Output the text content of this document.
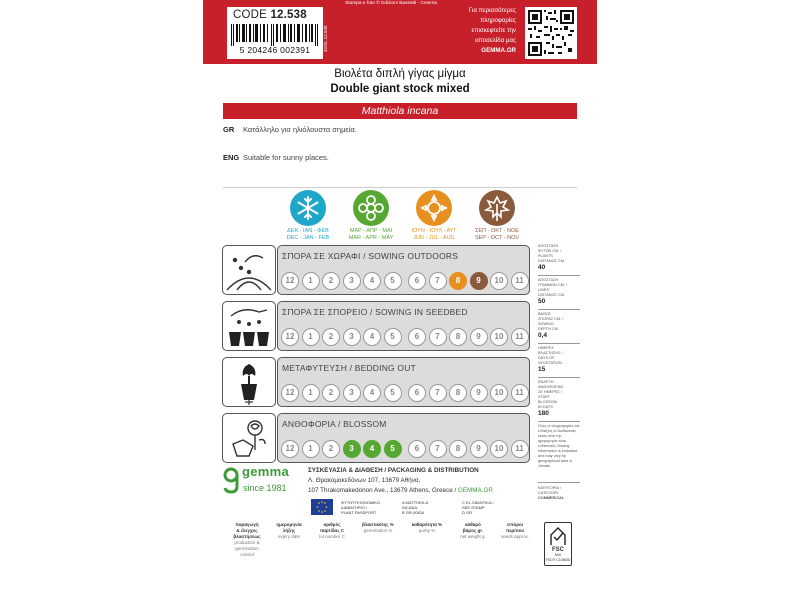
CODE 12.538
5 204246 002391	4GSL.12.538
Stampa e foto © Edizioni Bassetti - Cesena
Για περισσότερες
πληροφορίες
επισκεφτείτε την
ιστοσελίδα μας
GEMMA.GR
Βιολέτα διπλή γίγας μίγμα
Double giant stock mixed
Matthiola incana
GR Κατάλληλο για ηλιόλουστα σημεία.
ENG Suitable for sunny places.
ΔΕΚ - ΙΑΝ - ΦΕΒ
DEC - JAN - FEB
ΜΑΡ - ΑΠΡ - ΜΑΙ
MAR - APR - MAY
ΙΟΥΝ - ΙΟΥΛ - ΑΥΓ
JUN - JUL - AUG
ΣΕΠ - ΟΚΤ - ΝΟΕ
SEP - OCT - NOV
ΣΠΟΡΑ ΣΕ ΧΩΡΑΦΙ / SOWING OUTDOORS
12	1	2	3	4	5	6	7	8	9	10	11
ΣΠΟΡΑ ΣΕ ΣΠΟΡΕΙΟ / SOWING IN SEEDBED
12	1	2	3	4	5	6	7	8	9	10	11
ΜΕΤΑΦΥΤΕΥΣΗ / BEDDING OUT
12	1	2	3	4	5	6	7	8	9	10	11
ΑΝΘΟΦΟΡΙΑ / BLOSSOM
12	1	2	3	4	5	6	7	8	9	10	11
ΑΠΟΣΤΑΣΗ
ΦΥΤΩΝ CM. /
PLANTS
DISTANCE CM.
40
ΑΠΟΣΤΑΣΗ
ΓΡΑΜΜΩΝ CM. /
LINES
DISTANCE CM.
50
ΒΑΘΟΣ
ΣΠΟΡΑΣ CM. /
SOWING
DEPTH CM.
0,4
ΗΜΕΡΕΣ
ΒΛΑΣΤΗΣΗΣ /
DAYS OF
VEGETATION
15
ΕΝΑΡΞΗ
ΑΝΘΟΦΟΡΙΑΣ
ΣΕ ΗΜΕΡΕΣ /
START
BLOSSOM
IN DAYS
180
Όλες οι πληροφορίες και ενδείξεις οι διαδικασίες εκτός από την ημερομηνία είναι ενδεικτικές Sowing information is indicative and may vary by geographical area & climate.
ΚΑΤΗΓΟΡΙΑ /
CATEGORY
COMMERCIAL
gemma
since 1981
ΣΥΣΚΕΥΑΣΙΑ & ΔΙΑΘΕΣΗ / PACKAGING & DISTRIBUTION
Λ. Θρακομακεδόνων 107, 13679 Αθήνα,
107 Thrakomakedonon Ave., 13679 Athens, Greece / GEMMA.GR
ΦΥΤΟΫΓΕΙΟΝΟΜΙΚΟ
ΔΙΑΒΑΤΗΡΙΟ /
PLANT PASSPORT
A MATTHIOLA
INCANA
B GR-00834
C EL.ΣΒΑΝΤΙΚΑ /
SEE STAMP
D GR
παραγωγή
& έλεγχος
βλαστήσεως
production &
germination
control
ημερομηνία
λήξης
expiry date
αριθμός
παρτίδας C
lot number C
βλαστικότης %
germination %
καθαρότητα %
purity %
καθαρό
βάρος gr.
net weight g.
σπόροι
περίπου
seeds approx.
FSC
MIX
FSC® C105630
